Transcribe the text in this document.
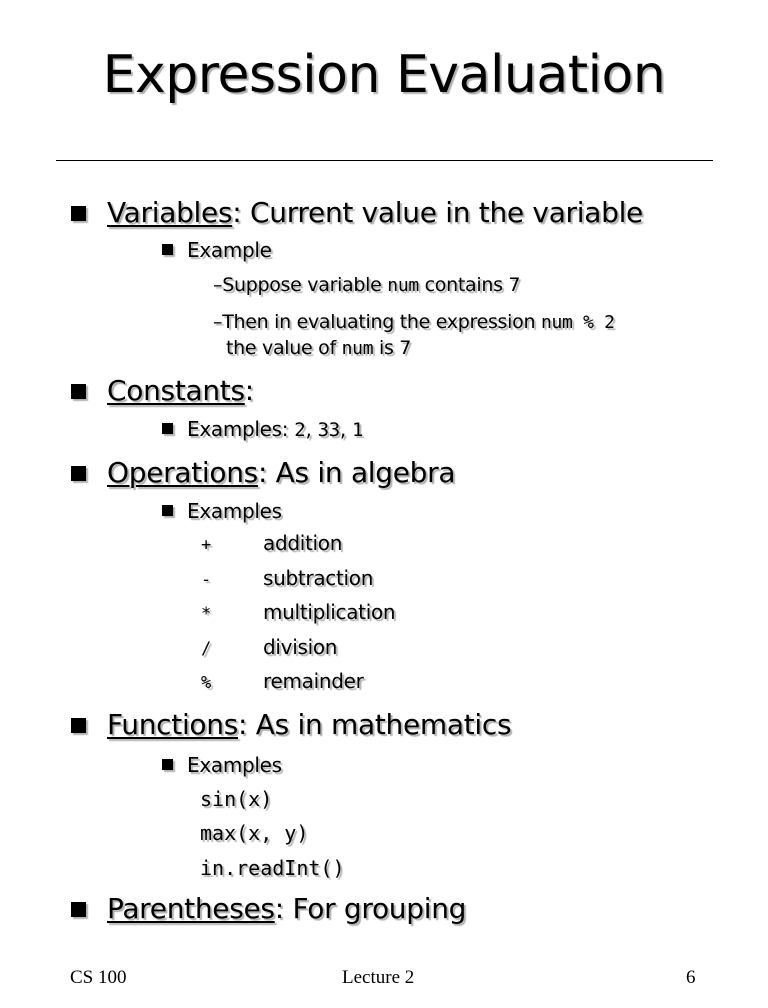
Expression Evaluation
Variables: Current value in the variable
Example
–Suppose variable num contains 7
–Then in evaluating the expression num % 2
the value of num is 7
Constants:
Examples: 2, 33, 1
Operations: As in algebra
Examples
+	addition
-	subtraction
*	multiplication
/	division
%	remainder
Functions: As in mathematics
Examples
sin(x)
max(x, y)
in.readInt()
Parentheses: For grouping
CS 100	Lecture 2	6
